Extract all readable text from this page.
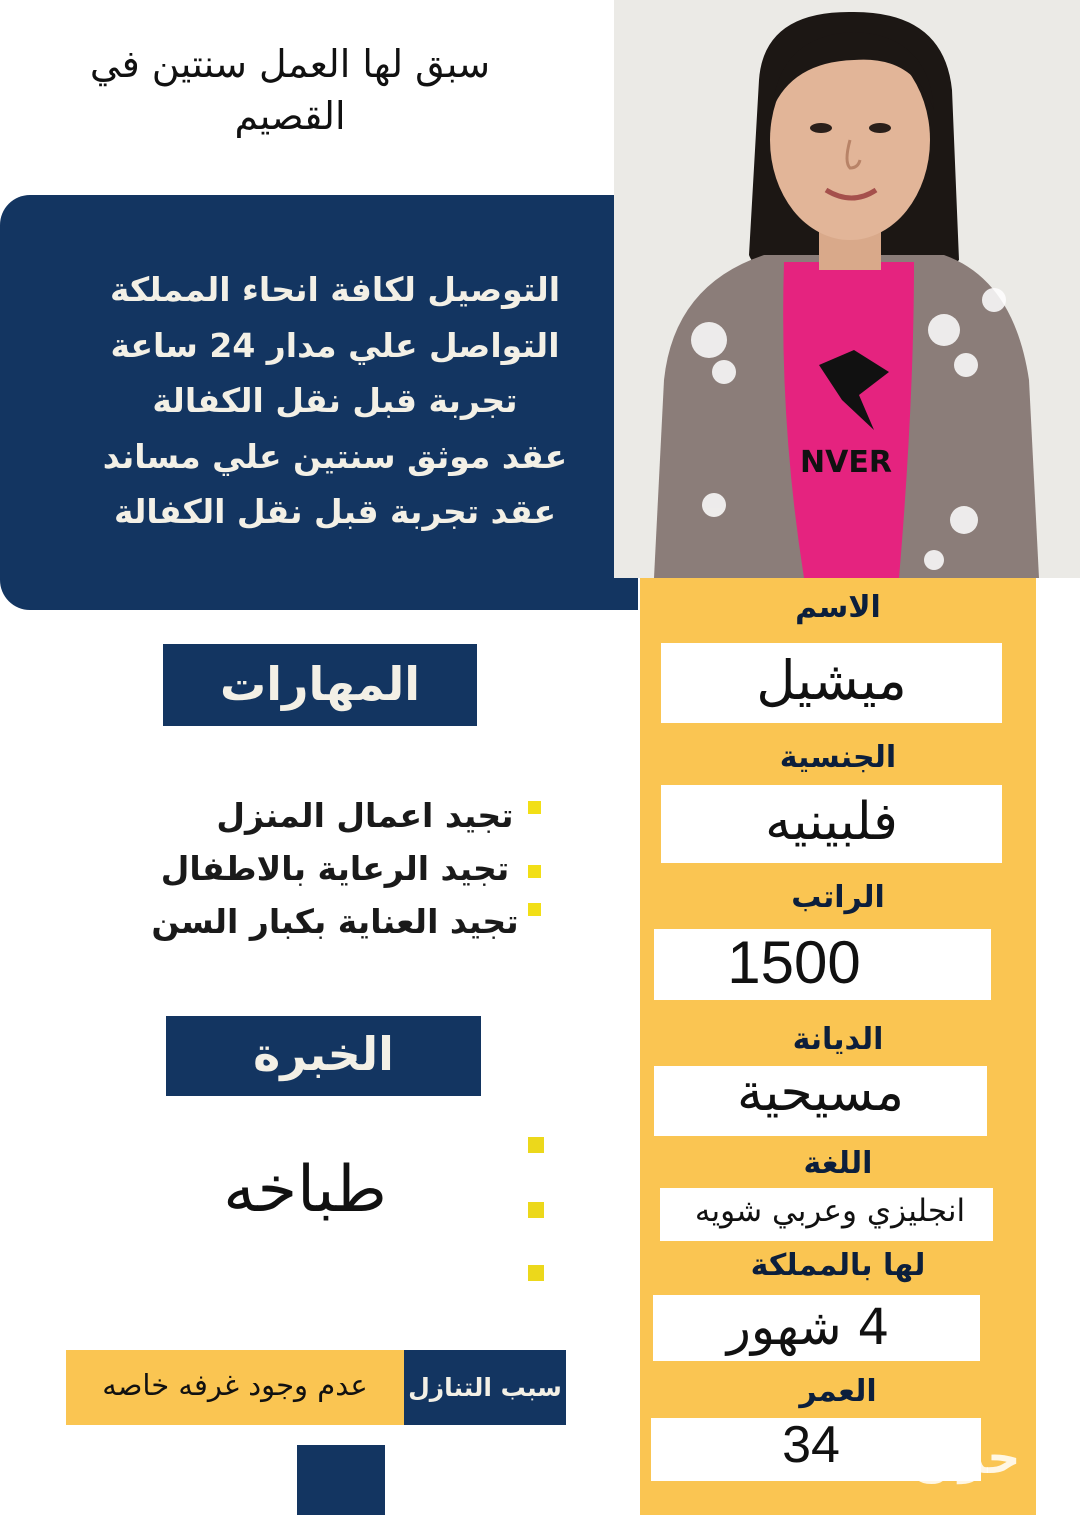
سبق لها العمل سنتين في
القصيم
التوصيل لكافة انحاء المملكة
التواصل علي مدار 24 ساعة
تجربة قبل نقل الكفالة
عقد موثق سنتين علي مساند
عقد تجربة قبل نقل الكفالة
NVER
الاسم
ميشيل
الجنسية
فلبينيه
الراتب
1500
الديانة
مسيحية
اللغة
انجليزي وعربي شويه
لها بالمملكة
4 شهور
العمر
34
المهارات
تجيد اعمال المنزل
تجيد الرعاية بالاطفال
تجيد العناية بكبار السن
الخبرة
طباخه
عدم وجود غرفه خاصه	سبب التنازل
حراج
